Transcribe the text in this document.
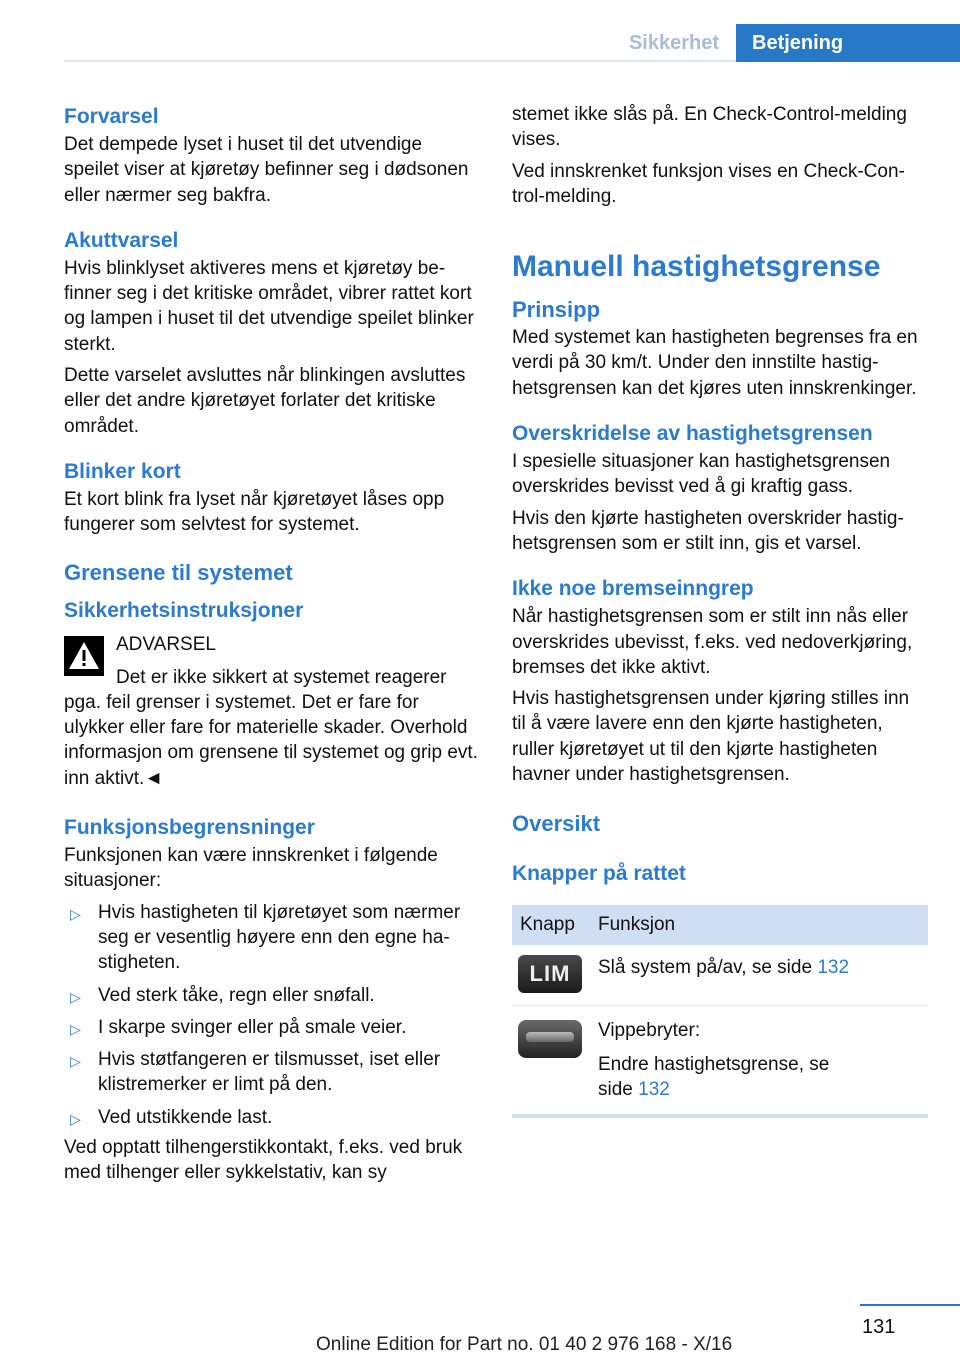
Sikkerhet	Betjening
Forvarsel
Det dempede lyset i huset til det utvendige speilet viser at kjøretøy befinner seg i dødsonen eller nærmer seg bakfra.
Akuttvarsel
Hvis blinklyset aktiveres mens et kjøretøy befinner seg i det kritiske området, vibrer rattet kort og lampen i huset til det utvendige speilet blinker sterkt.
Dette varselet avsluttes når blinkingen avsluttes eller det andre kjøretøyet forlater det kritiske området.
Blinker kort
Et kort blink fra lyset når kjøretøyet låses opp fungerer som selvtest for systemet.
Grensene til systemet
Sikkerhetsinstruksjoner
ADVARSEL
Det er ikke sikkert at systemet reagerer pga. feil grenser i systemet. Det er fare for ulykker eller fare for materielle skader. Overhold informasjon om grensene til systemet og grip evt. inn aktivt.◄
Funksjonsbegrensninger
Funksjonen kan være innskrenket i følgende situasjoner:
▷ Hvis hastigheten til kjøretøyet som nærmer seg er vesentlig høyere enn den egne hastigheten.
▷ Ved sterk tåke, regn eller snøfall.
▷ I skarpe svinger eller på smale veier.
▷ Hvis støtfangeren er tilsmusset, iset eller klistremerker er limt på den.
▷ Ved utstikkende last.
Ved opptatt tilhengerstikkontakt, f.eks. ved bruk med tilhenger eller sykkelstativ, kan sy
stemet ikke slås på. En Check-Control-melding vises.
Ved innskrenket funksjon vises en Check-Control-melding.
Manuell hastighetsgrense
Prinsipp
Med systemet kan hastigheten begrenses fra en verdi på 30 km/t. Under den innstilte hastighetsgrensen kan det kjøres uten innskrenkinger.
Overskridelse av hastighetsgrensen
I spesielle situasjoner kan hastighetsgrensen overskrides bevisst ved å gi kraftig gass.
Hvis den kjørte hastigheten overskrider hastighetsgrensen som er stilt inn, gis et varsel.
Ikke noe bremseinngrep
Når hastighetsgrensen som er stilt inn nås eller overskrides ubevisst, f.eks. ved nedoverkjøring, bremses det ikke aktivt.
Hvis hastighetsgrensen under kjøring stilles inn til å være lavere enn den kjørte hastigheten, ruller kjøretøyet ut til den kjørte hastigheten havner under hastighetsgrensen.
Oversikt
Knapper på rattet
Knapp	Funksjon

LIM	Slå system på/av, se side 132

	Vippebryter:
Endre hastighetsgrense, se side 132
131
Online Edition for Part no. 01 40 2 976 168 - X/16
